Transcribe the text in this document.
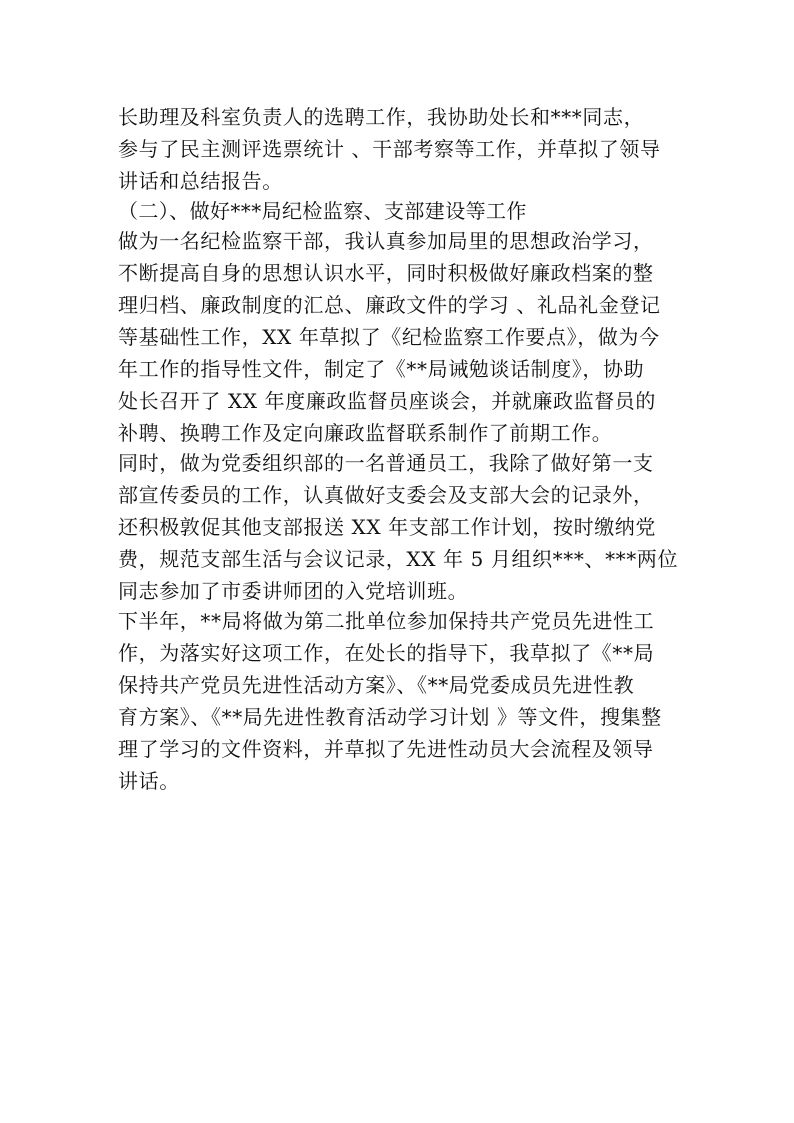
长助理及科室负责人的选聘工作，我协助处长和***同志，

参与了民主测评选票统计 、干部考察等工作，并草拟了领导

讲话和总结报告。

（二）、做好***局纪检监察、支部建设等工作

做为一名纪检监察干部，我认真参加局里的思想政治学习，

不断提高自身的思想认识水平，同时积极做好廉政档案的整

理归档、廉政制度的汇总、廉政文件的学习 、礼品礼金登记

等基础性工作，XX 年草拟了《纪检监察工作要点》，做为今

年工作的指导性文件，制定了《**局诫勉谈话制度》，协助

处长召开了 XX 年度廉政监督员座谈会，并就廉政监督员的

补聘、换聘工作及定向廉政监督联系制作了前期工作。

同时，做为党委组织部的一名普通员工，我除了做好第一支

部宣传委员的工作，认真做好支委会及支部大会的记录外，

还积极敦促其他支部报送 XX 年支部工作计划，按时缴纳党

费，规范支部生活与会议记录，XX 年 5 月组织***、***两位

同志参加了市委讲师团的入党培训班。

下半年，**局将做为第二批单位参加保持共产党员先进性工

作，为落实好这项工作，在处长的指导下，我草拟了《**局

保持共产党员先进性活动方案》、《**局党委成员先进性教

育方案》、《**局先进性教育活动学习计划 》等文件，搜集整

理了学习的文件资料，并草拟了先进性动员大会流程及领导

讲话。
